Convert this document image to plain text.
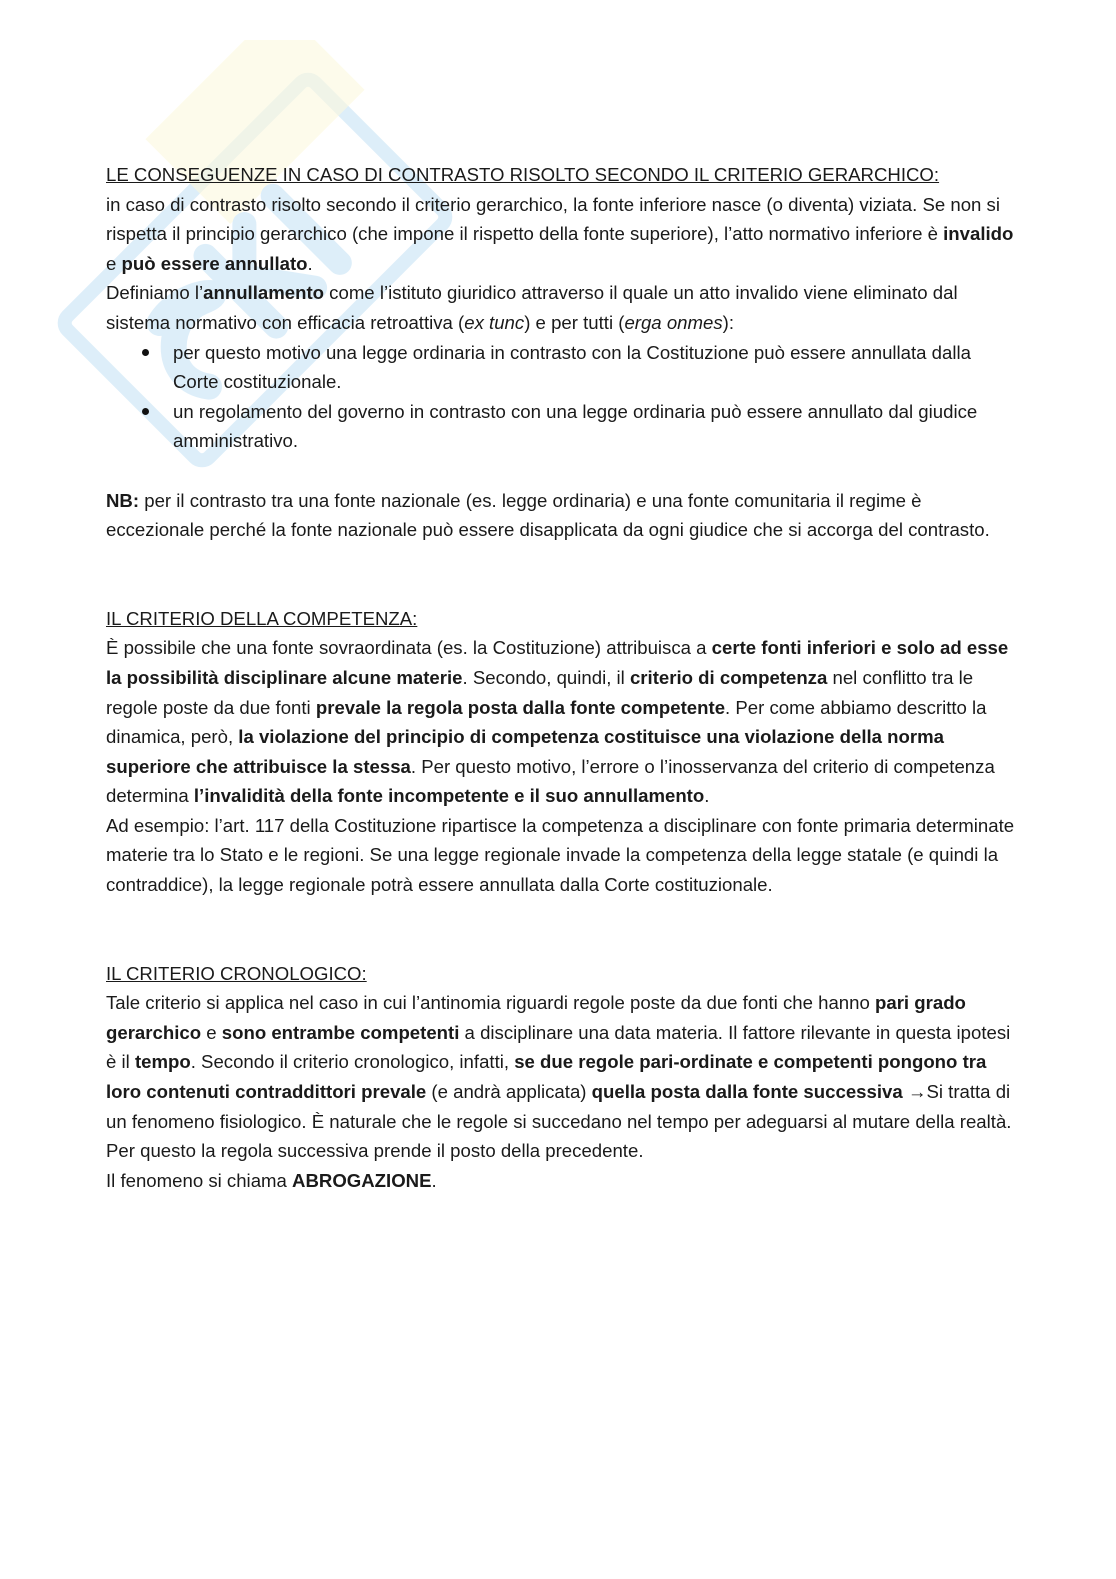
LE CONSEGUENZE IN CASO DI CONTRASTO RISOLTO SECONDO IL CRITERIO GERARCHICO:

in caso di contrasto risolto secondo il criterio gerarchico, la fonte inferiore nasce (o diventa) viziata. Se non si rispetta il principio gerarchico (che impone il rispetto della fonte superiore), l’atto normativo inferiore è invalido e può essere annullato.

Definiamo l’annullamento come l’istituto giuridico attraverso il quale un atto invalido viene eliminato dal sistema normativo con efficacia retroattiva (ex tunc) e per tutti (erga onmes):

per questo motivo una legge ordinaria in contrasto con la Costituzione può essere annullata dalla Corte costituzionale.
un regolamento del governo in contrasto con una legge ordinaria può essere annullato dal giudice amministrativo.

NB: per il contrasto tra una fonte nazionale (es. legge ordinaria) e una fonte comunitaria il regime è eccezionale perché la fonte nazionale può essere disapplicata da ogni giudice che si accorga del contrasto.

IL CRITERIO DELLA COMPETENZA:

È possibile che una fonte sovraordinata (es. la Costituzione) attribuisca a certe fonti inferiori e solo ad esse la possibilità disciplinare alcune materie. Secondo, quindi, il criterio di competenza nel conflitto tra le regole poste da due fonti prevale la regola posta dalla fonte competente. Per come abbiamo descritto la dinamica, però, la violazione del principio di competenza costituisce una violazione della norma superiore che attribuisce la stessa. Per questo motivo, l’errore o l’inosservanza del criterio di competenza determina l’invalidità della fonte incompetente e il suo annullamento.

Ad esempio: l’art. 117 della Costituzione ripartisce la competenza a disciplinare con fonte primaria determinate materie tra lo Stato e le regioni. Se una legge regionale invade la competenza della legge statale (e quindi la contraddice), la legge regionale potrà essere annullata dalla Corte costituzionale.

IL CRITERIO CRONOLOGICO:

Tale criterio si applica nel caso in cui l’antinomia riguardi regole poste da due fonti che hanno pari grado gerarchico e sono entrambe competenti a disciplinare una data materia. Il fattore rilevante in questa ipotesi è il tempo. Secondo il criterio cronologico, infatti, se due regole pari-ordinate e competenti pongono tra loro contenuti contraddittori prevale (e andrà applicata) quella posta dalla fonte successiva →Si tratta di un fenomeno fisiologico. È naturale che le regole si succedano nel tempo per adeguarsi al mutare della realtà. Per questo la regola successiva prende il posto della precedente.

Il fenomeno si chiama ABROGAZIONE.
